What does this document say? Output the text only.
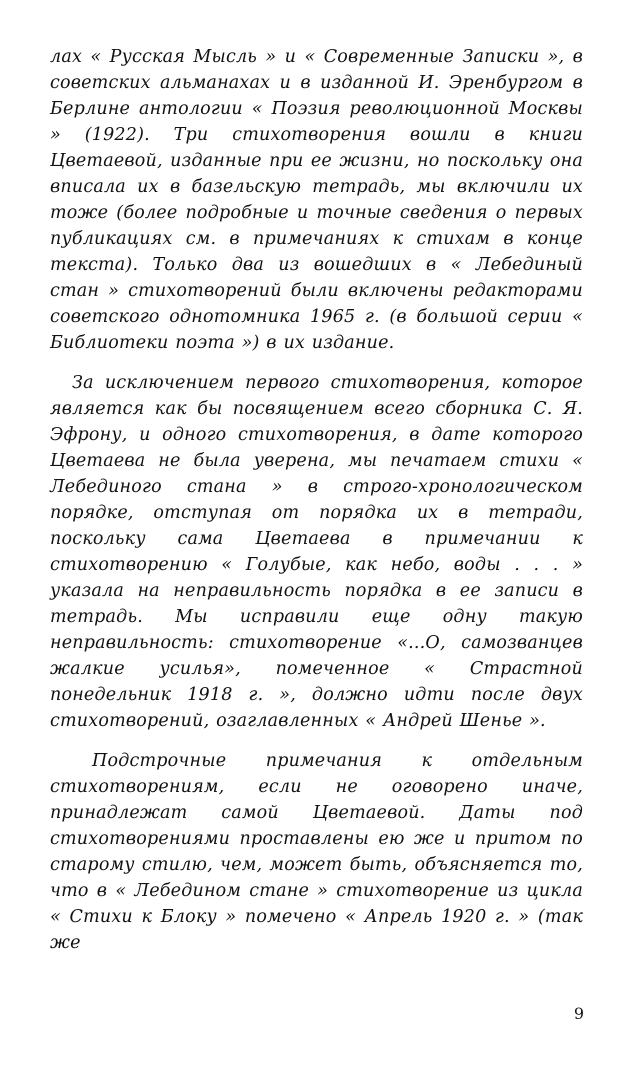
лах « Русская Мысль » и « Современные Записки », в советских альманахах и в изданной И. Эренбургом в Берлине антологии « Поэзия революционной Москвы » (1922). Три стихотворения вошли в книги Цветаевой, изданные при ее жизни, но поскольку она вписала их в базельскую тетрадь, мы включили их тоже (более подробные и точные сведения о первых публикациях см. в примечаниях к стихам в конце текста). Только два из вошедших в « Лебединый стан » стихотворений были включены редакторами советского однотомника 1965 г. (в большой серии « Библиотеки поэта ») в их издание.

За исключением первого стихотворения, которое является как бы посвящением всего сборника С. Я. Эфрону, и одного стихотворения, в дате которого Цветаева не была уверена, мы печатаем стихи « Лебединого стана » в строго-хронологическом порядке, отступая от порядка их в тетради, поскольку сама Цветаева в примечании к стихотворению « Голубые, как небо, воды . . . » указала на неправильность порядка в ее записи в тетрадь. Мы исправили еще одну такую неправильность: стихотворение «...О, самозванцев жалкие усилья», помеченное « Страстной понедельник 1918 г. », должно идти после двух стихотворений, озаглавленных « Андрей Шенье ».

Подстрочные примечания к отдельным стихотворениям, если не оговорено иначе, принадлежат самой Цветаевой. Даты под стихотворениями проставлены ею же и притом по старому стилю, чем, может быть, объясняется то, что в « Лебедином стане » стихотворение из цикла « Стихи к Блоку » помечено « Апрель 1920 г. » (так же

9
